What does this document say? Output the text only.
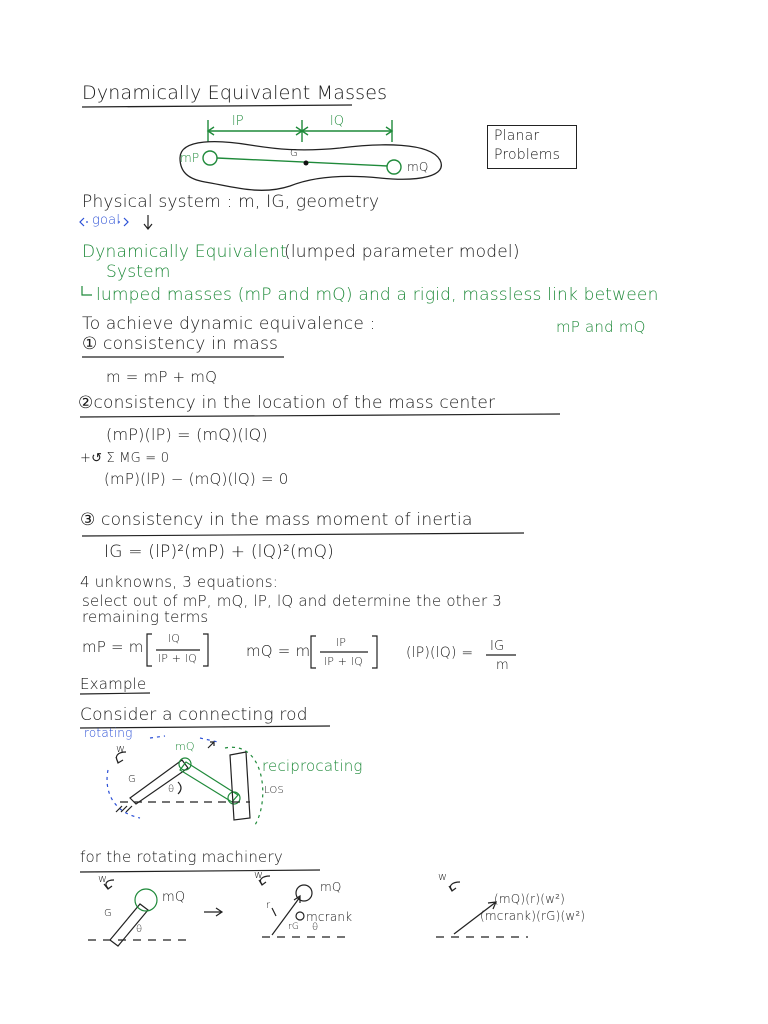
Dynamically Equivalent Masses
lP	lQ
mP	G
mQ
Planar
Problems
Physical system : m, IG, geometry
goal
Dynamically Equivalent
System
(lumped parameter model)
lumped masses (mP and mQ) and a rigid, massless link between
mP and mQ
To achieve dynamic equivalence :
① consistency in mass
m = mP + mQ
②consistency in the location of the mass center
(mP)(lP) = (mQ)(lQ)
+↺ Σ MG = 0
(mP)(lP) − (mQ)(lQ) = 0
③ consistency in the mass moment of inertia
IG = (lP)²(mP) + (lQ)²(mQ)
4 unknowns, 3 equations:
select out of mP, mQ, lP, lQ and determine the other 3
remaining terms
mP = m lQ
lP + lQ	mQ = m lP
lP + lQ
(lP)(lQ) = IG
m
Example
Consider a connecting rod
rotating
w	mQ
G
θ
reciprocating
LOS
for the rotating machinery
w
mQ
G
θ
w
mQ
r
mcrank
rG θ
w
(mQ)(r)(w²)
(mcrank)(rG)(w²)
